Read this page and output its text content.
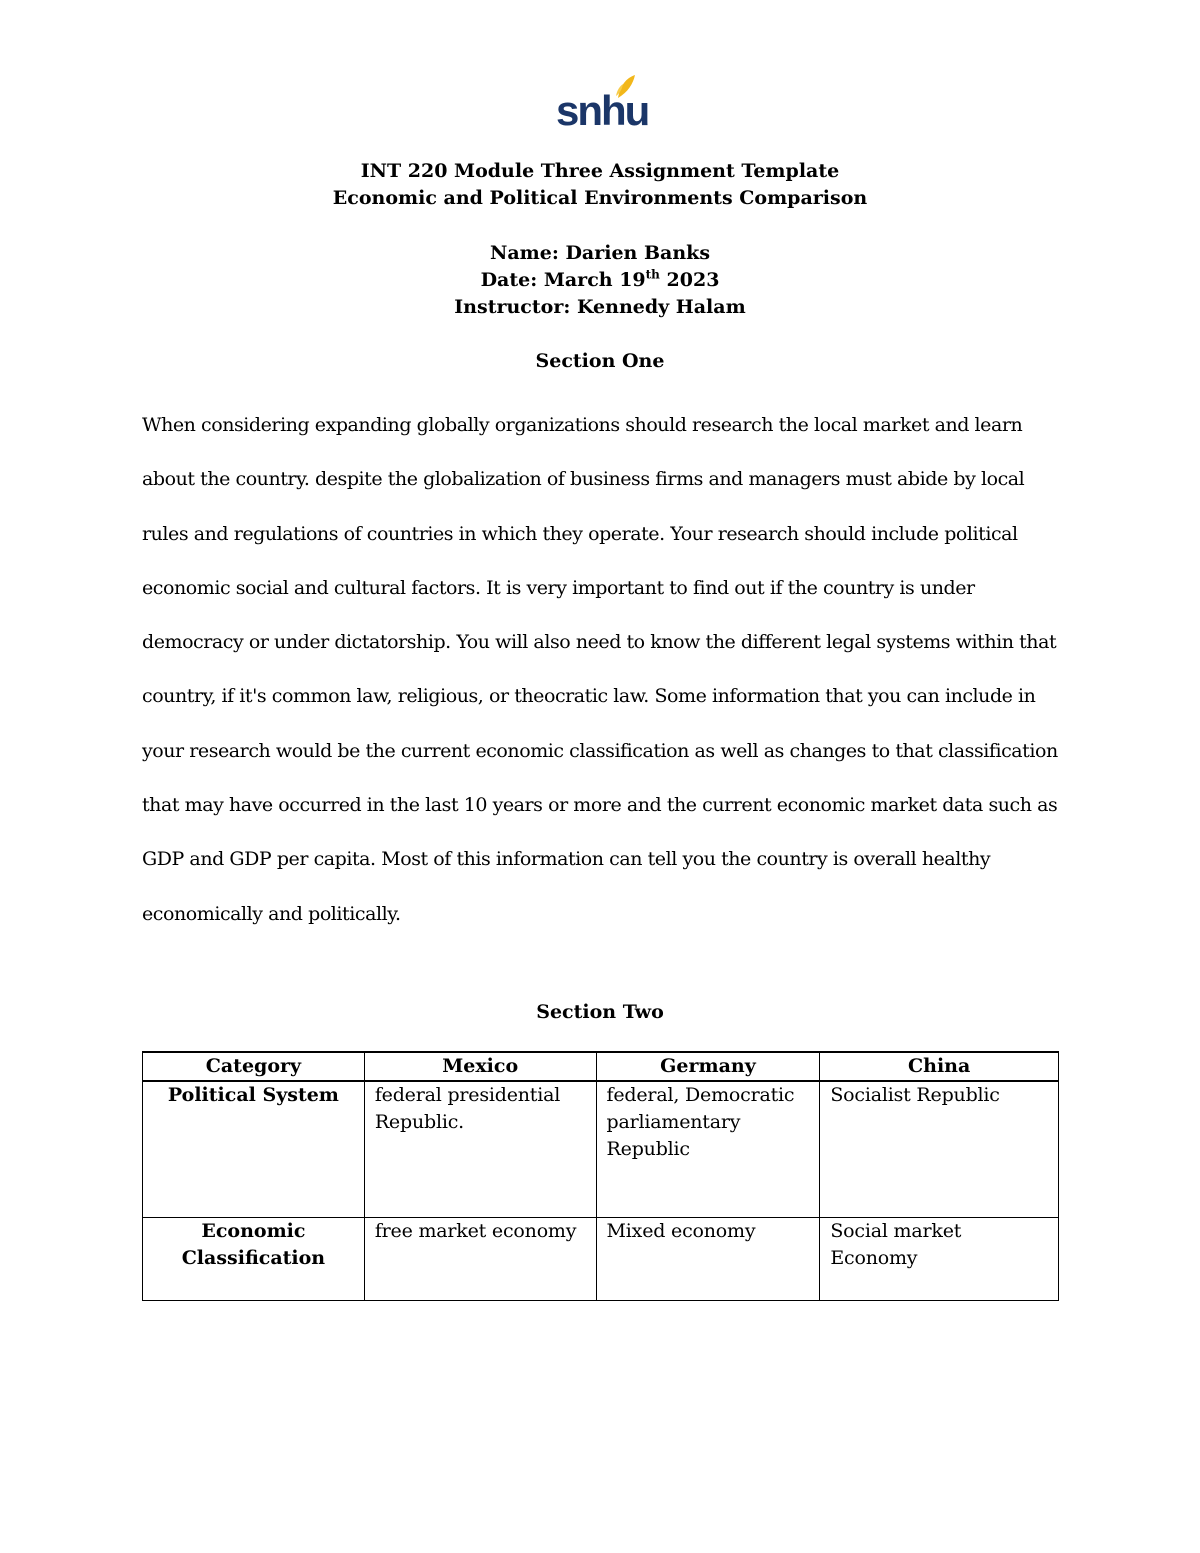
snhu
INT 220 Module Three Assignment Template
Economic and Political Environments Comparison
Name: Darien Banks
Date: March 19th 2023
Instructor: Kennedy Halam
Section One

When considering expanding globally organizations should research the local market and learn about the country. despite the globalization of business firms and managers must abide by local rules and regulations of countries in which they operate. Your research should include political economic social and cultural factors. It is very important to find out if the country is under democracy or under dictatorship. You will also need to know the different legal systems within that country, if it's common law, religious, or theocratic law. Some information that you can include in your research would be the current economic classification as well as changes to that classification that may have occurred in the last 10 years or more and the current economic market data such as GDP and GDP per capita. Most of this information can tell you the country is overall healthy economically and politically.

Section Two
Category	Mexico	Germany	China
Political System	federal presidential Republic.	federal, Democratic parliamentary Republic	Socialist Republic
Economic Classification	free market economy	Mixed economy	Social market Economy
